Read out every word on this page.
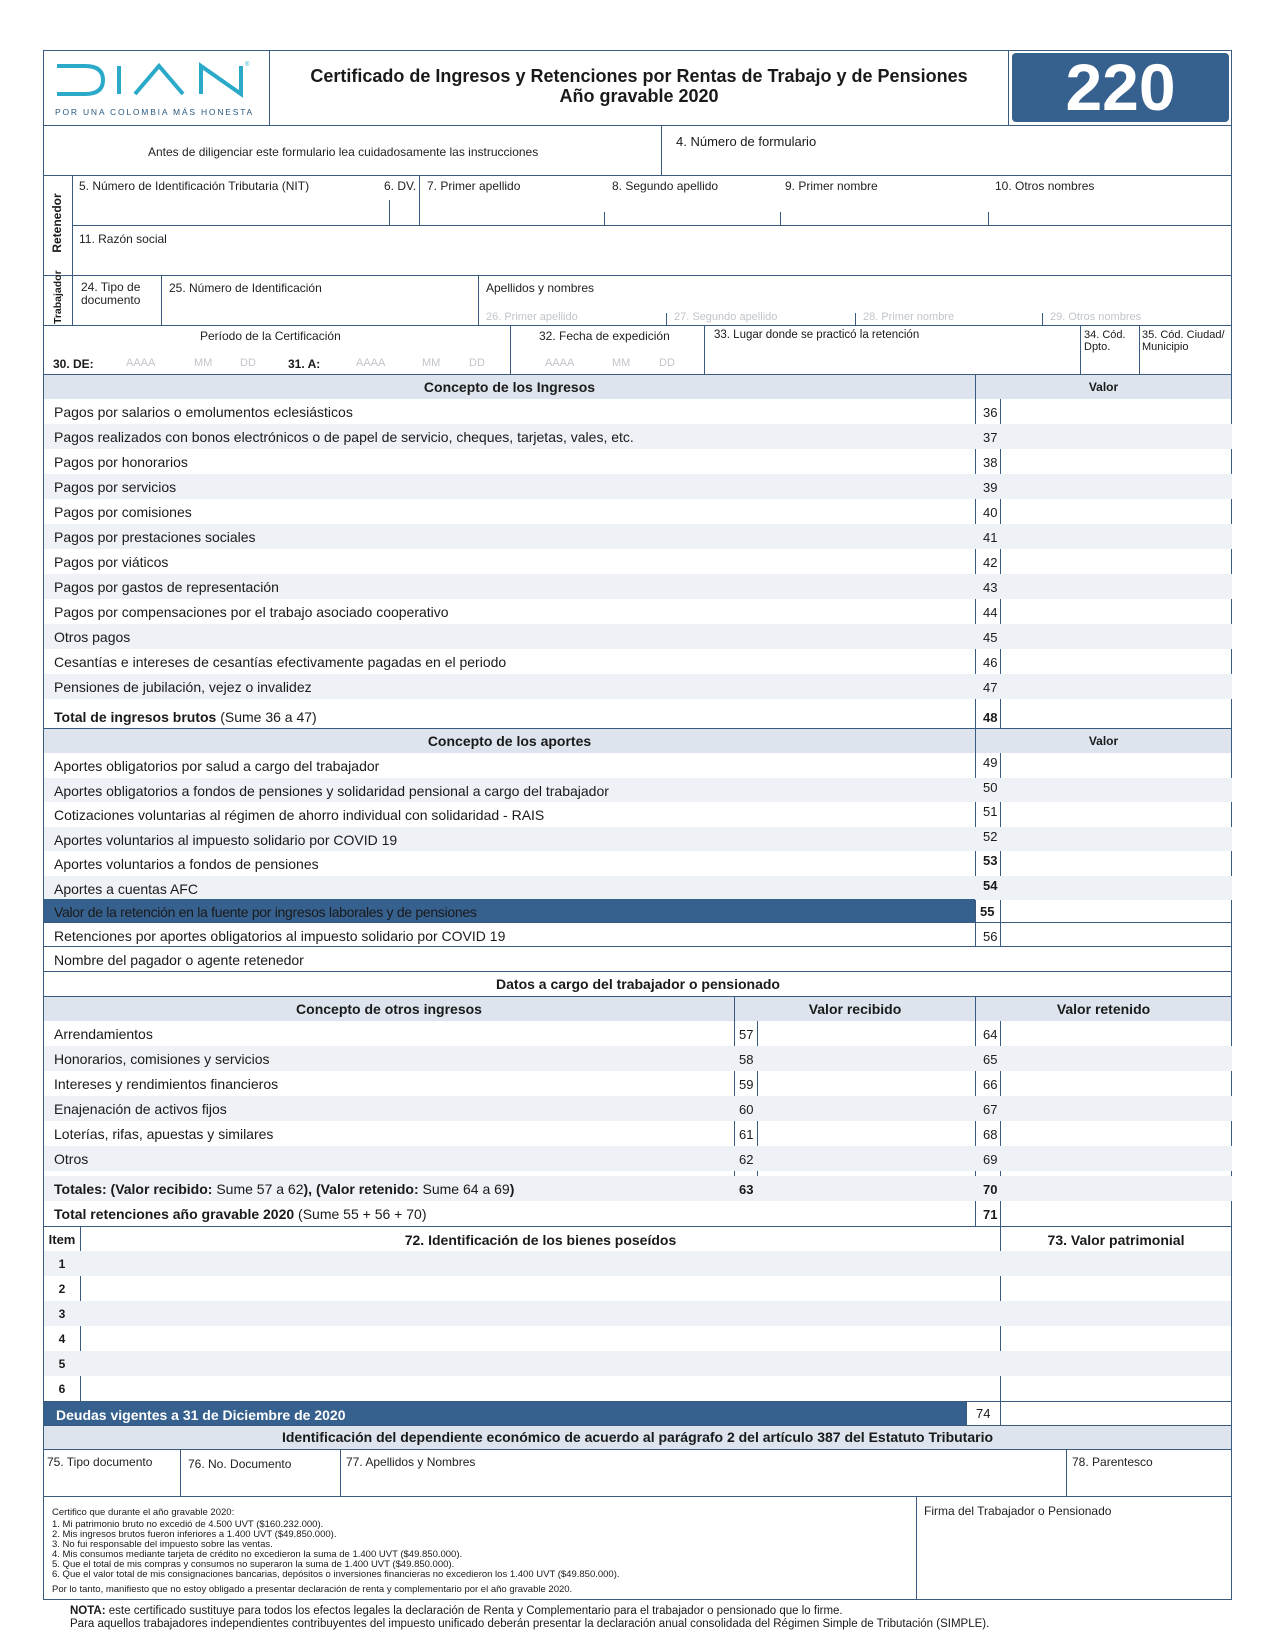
®
POR UNA COLOMBIA MÁS HONESTA
Certificado de Ingresos y Retenciones por Rentas de Trabajo y de Pensiones
Año gravable 2020	220
Antes de diligenciar este formulario lea cuidadosamente las instrucciones
4. Número de formulario
Retenedor
5. Número de Identificación Tributaria (NIT)	6. DV. 7. Primer apellido	8. Segundo apellido	9. Primer nombre	10. Otros nombres
11. Razón social
Trabajador 24. Tipo de documento
25. Número de Identificación	Apellidos y nombres
26. Primer apellido	27. Segundo apellido	28. Primer nombre	29. Otros nombres
Período de la Certificación
30. DE:	AAAA	MM	DD	31. A:	AAAA	MM	DD
32. Fecha de expedición
AAAA	MM	DD
33. Lugar donde se practicó la retención	34. Cód. Dpto.
35. Cód. Ciudad/ Municipio
Concepto de los Ingresos	Valor
Pagos por salarios o emolumentos eclesiásticos	36
Pagos realizados con bonos electrónicos o de papel de servicio, cheques, tarjetas, vales, etc.	37
Pagos por honorarios	38
Pagos por servicios	39
Pagos por comisiones	40
Pagos por prestaciones sociales	41
Pagos por viáticos	42
Pagos por gastos de representación	43
Pagos por compensaciones por el trabajo asociado cooperativo	44
Otros pagos	45
Cesantías e intereses de cesantías efectivamente pagadas en el periodo	46
Pensiones de jubilación, vejez o invalidez	47
Total de ingresos brutos (Sume 36 a 47)	48
Concepto de los aportes	Valor
Aportes obligatorios por salud a cargo del trabajador	49
Aportes obligatorios a fondos de pensiones y solidaridad pensional a cargo del trabajador	50
Cotizaciones voluntarias al régimen de ahorro individual con solidaridad - RAIS	51
Aportes voluntarios al impuesto solidario por COVID 19	52
Aportes voluntarios a fondos de pensiones	53
Aportes a cuentas AFC	54
Valor de la retención en la fuente por ingresos laborales y de pensiones	55
Retenciones por aportes obligatorios al impuesto solidario por COVID 19	56
Nombre del pagador o agente retenedor
Datos a cargo del trabajador o pensionado
Concepto de otros ingresos	Valor recibido	Valor retenido
Arrendamientos	57	64
Honorarios, comisiones y servicios	58	65
Intereses y rendimientos financieros	59	66
Enajenación de activos fijos	60	67
Loterías, rifas, apuestas y similares	61	68
Otros	62	69
Totales: (Valor recibido: Sume 57 a 62), (Valor retenido: Sume 64 a 69)	63	70
Total retenciones año gravable 2020 (Sume 55 + 56 + 70)	71
Item	72. Identificación de los bienes poseídos	73. Valor patrimonial
1
2
3
4
5
6
Deudas vigentes a 31 de Diciembre de 2020	74
Identificación del dependiente económico de acuerdo al parágrafo 2 del artículo 387 del Estatuto Tributario
75. Tipo documento	76. No. Documento	77. Apellidos y Nombres	78. Parentesco
Certifico que durante el año gravable 2020:
1. Mi patrimonio bruto no excedió de 4.500 UVT ($160.232.000).
2. Mis ingresos brutos fueron inferiores a 1.400 UVT ($49.850.000).
3. No fui responsable del impuesto sobre las ventas.
4. Mis consumos mediante tarjeta de crédito no excedieron la suma de 1.400 UVT ($49.850.000).
5. Que el total de mis compras y consumos no superaron la suma de 1.400 UVT ($49.850.000).
6. Que el valor total de mis consignaciones bancarias, depósitos o inversiones financieras no excedieron los 1.400 UVT ($49.850.000).
Por lo tanto, manifiesto que no estoy obligado a presentar declaración de renta y complementario por el año gravable 2020.
Firma del Trabajador o Pensionado
NOTA: este certificado sustituye para todos los efectos legales la declaración de Renta y Complementario para el trabajador o pensionado que lo firme.
Para aquellos trabajadores independientes contribuyentes del impuesto unificado deberán presentar la declaración anual consolidada del Régimen Simple de Tributación (SIMPLE).
